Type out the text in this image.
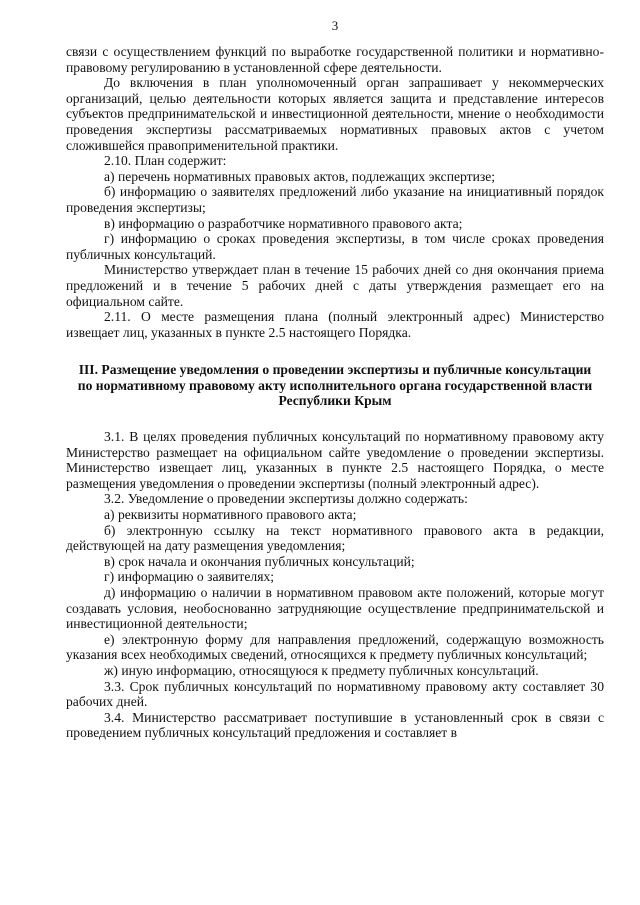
3

связи с осуществлением функций по выработке государственной политики и нормативно-правовому регулированию в установленной сфере деятельности.

До включения в план уполномоченный орган запрашивает у некоммерческих организаций, целью деятельности которых является защита и представление интересов субъектов предпринимательской и инвестиционной деятельности, мнение о необходимости проведения экспертизы рассматриваемых нормативных правовых актов с учетом сложившейся правоприменительной практики.

2.10. План содержит:

а) перечень нормативных правовых актов, подлежащих экспертизе;

б) информацию о заявителях предложений либо указание на инициативный порядок проведения экспертизы;

в) информацию о разработчике нормативного правового акта;

г) информацию о сроках проведения экспертизы, в том числе сроках проведения публичных консультаций.

Министерство утверждает план в течение 15 рабочих дней со дня окончания приема предложений и в течение 5 рабочих дней с даты утверждения размещает его на официальном сайте.

2.11. О месте размещения плана (полный электронный адрес) Министерство извещает лиц, указанных в пункте 2.5 настоящего Порядка.

III. Размещение уведомления о проведении экспертизы и публичные консультации по нормативному правовому акту исполнительного органа государственной власти Республики Крым

3.1. В целях проведения публичных консультаций по нормативному правовому акту Министерство размещает на официальном сайте уведомление о проведении экспертизы. Министерство извещает лиц, указанных в пункте 2.5 настоящего Порядка, о месте размещения уведомления о проведении экспертизы (полный электронный адрес).

3.2. Уведомление о проведении экспертизы должно содержать:

а) реквизиты нормативного правового акта;

б) электронную ссылку на текст нормативного правового акта в редакции, действующей на дату размещения уведомления;

в) срок начала и окончания публичных консультаций;

г) информацию о заявителях;

д) информацию о наличии в нормативном правовом акте положений, которые могут создавать условия, необоснованно затрудняющие осуществление предпринимательской и инвестиционной деятельности;

е) электронную форму для направления предложений, содержащую возможность указания всех необходимых сведений, относящихся к предмету публичных консультаций;

ж) иную информацию, относящуюся к предмету публичных консультаций.

3.3. Срок публичных консультаций по нормативному правовому акту составляет 30 рабочих дней.

3.4. Министерство рассматривает поступившие в установленный срок в связи с проведением публичных консультаций предложения и составляет в
